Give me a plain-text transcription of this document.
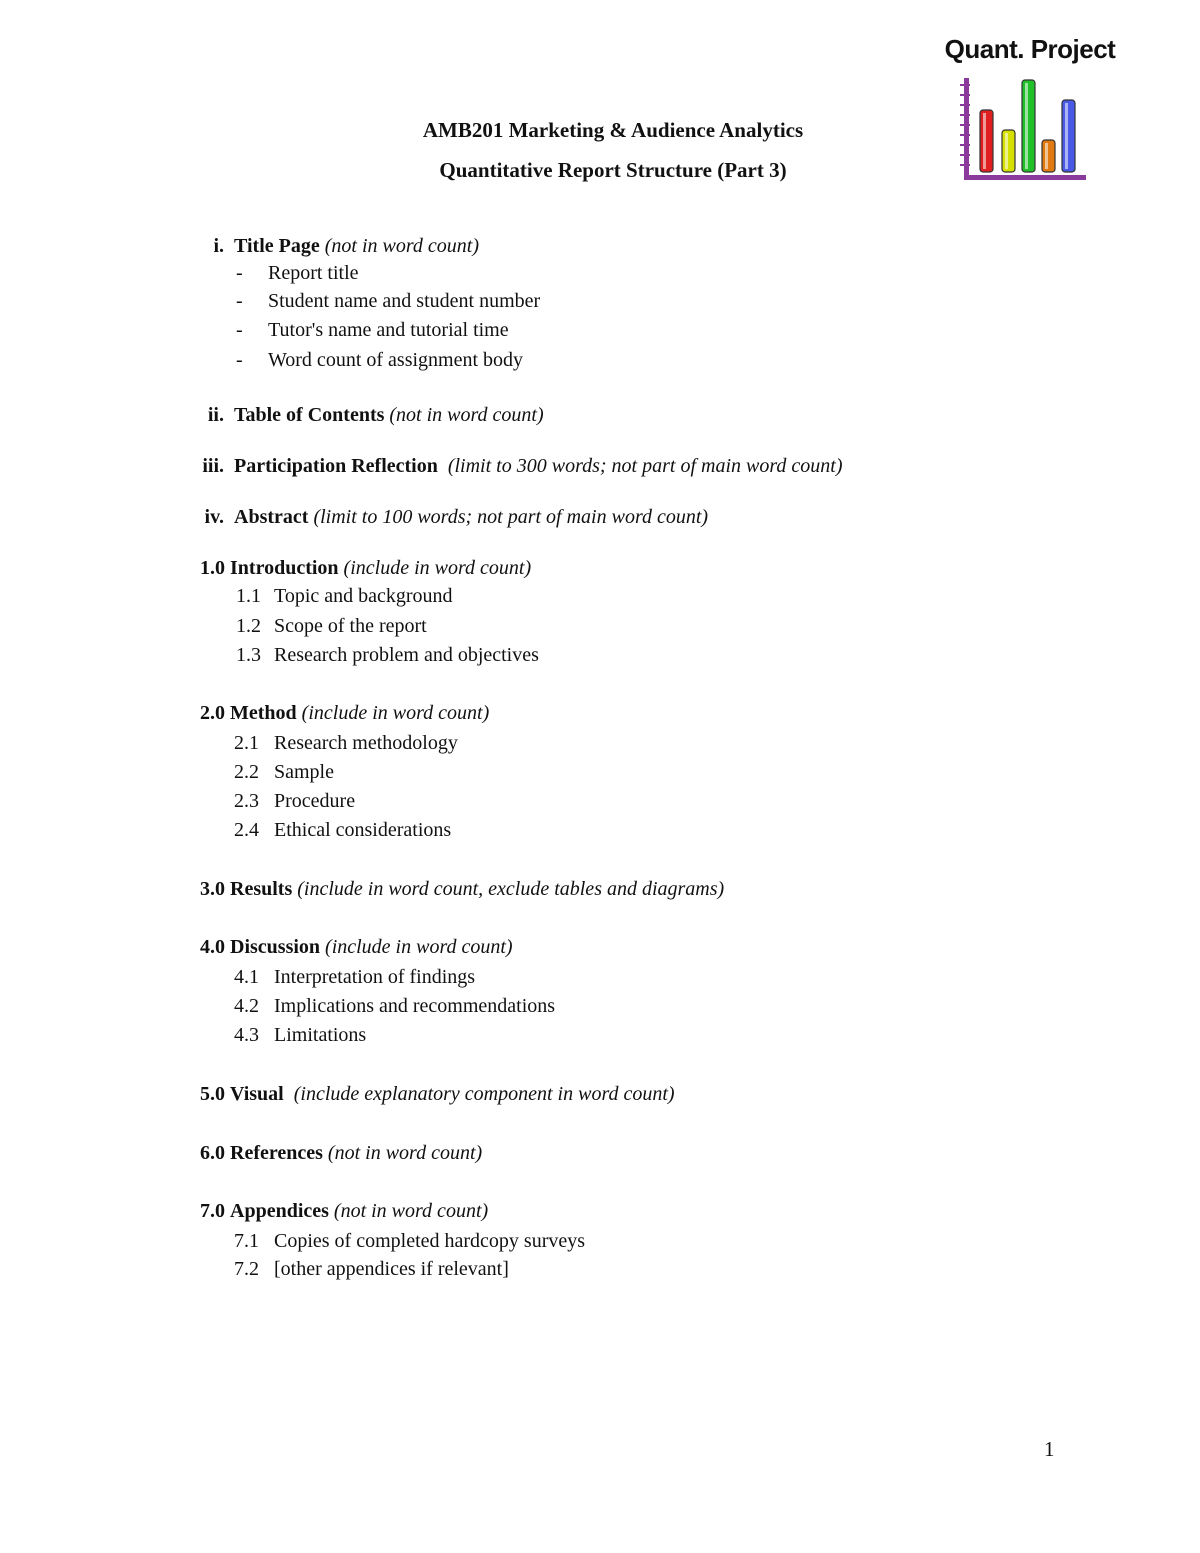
Quant. Project
AMB201 Marketing & Audience Analytics
Quantitative Report Structure (Part 3)
i. Title Page (not in word count)
- Report title
- Student name and student number
- Tutor's name and tutorial time
- Word count of assignment body
ii. Table of Contents (not in word count)
iii. Participation Reflection (limit to 300 words; not part of main word count)
iv. Abstract (limit to 100 words; not part of main word count)
1.0 Introduction (include in word count)
1.1 Topic and background
1.2 Scope of the report
1.3 Research problem and objectives
2.0 Method (include in word count)
2.1 Research methodology
2.2 Sample
2.3 Procedure
2.4 Ethical considerations
3.0 Results (include in word count, exclude tables and diagrams)
4.0 Discussion (include in word count)
4.1 Interpretation of findings
4.2 Implications and recommendations
4.3 Limitations
5.0 Visual (include explanatory component in word count)
6.0 References (not in word count)
7.0 Appendices (not in word count)
7.1 Copies of completed hardcopy surveys
7.2 [other appendices if relevant]
1
